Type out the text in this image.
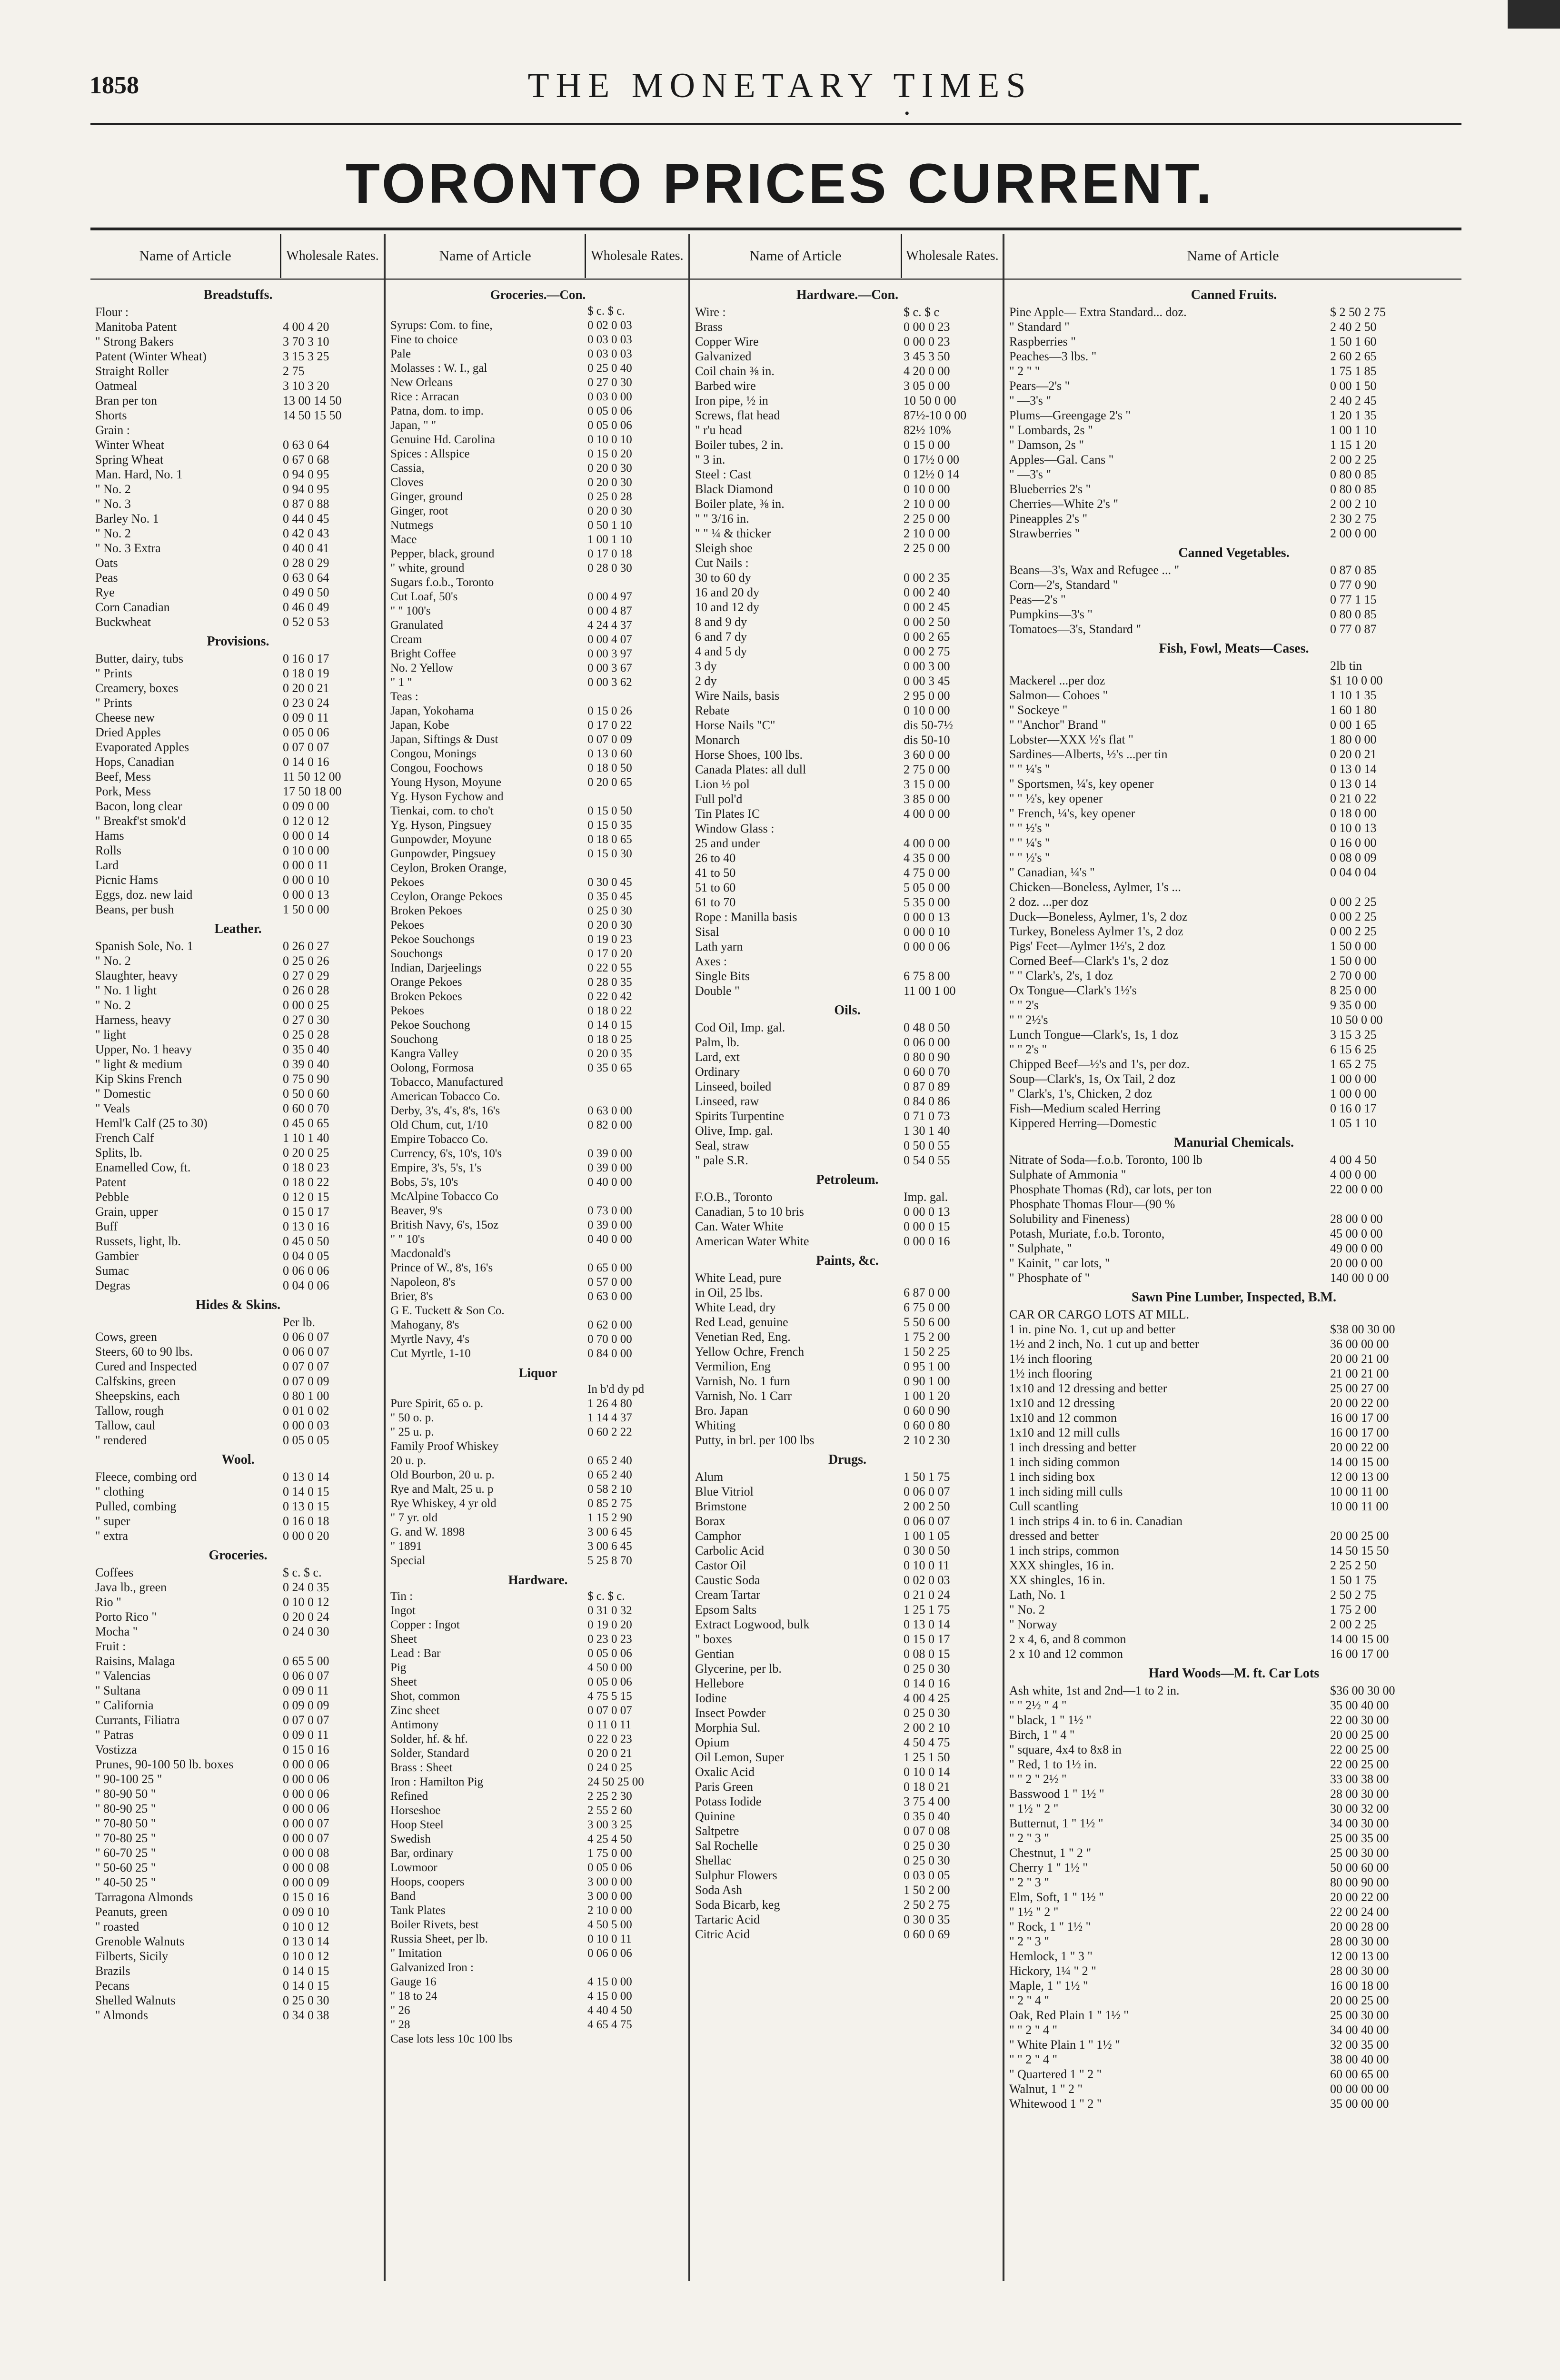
1858	THE MONETARY TIMES
•
TORONTO PRICES CURRENT.
Name of Article	Wholesale Rates.
Breadstuffs.
Flour :
Manitoba Patent	4 00 4 20
" Strong Bakers	3 70 3 10
Patent (Winter Wheat)	3 15 3 25
Straight Roller	2 75
Oatmeal	3 10 3 20
Bran per ton	13 00 14 50
Shorts	14 50 15 50
Grain :
Winter Wheat	0 63 0 64
Spring Wheat	0 67 0 68
Man. Hard, No. 1	0 94 0 95
" No. 2	0 94 0 95
" No. 3	0 87 0 88
Barley No. 1	0 44 0 45
" No. 2	0 42 0 43
" No. 3 Extra	0 40 0 41
Oats	0 28 0 29
Peas	0 63 0 64
Rye	0 49 0 50
Corn Canadian	0 46 0 49
Buckwheat	0 52 0 53
Provisions.
Butter, dairy, tubs	0 16 0 17
" Prints	0 18 0 19
Creamery, boxes	0 20 0 21
" Prints	0 23 0 24
Cheese new	0 09 0 11
Dried Apples	0 05 0 06
Evaporated Apples	0 07 0 07
Hops, Canadian	0 14 0 16
Beef, Mess	11 50 12 00
Pork, Mess	17 50 18 00
Bacon, long clear	0 09 0 00
" Breakf'st smok'd	0 12 0 12
Hams	0 00 0 14
Rolls	0 10 0 00
Lard	0 00 0 11
Picnic Hams	0 00 0 10
Eggs, doz. new laid	0 00 0 13
Beans, per bush	1 50 0 00
Leather.
Spanish Sole, No. 1	0 26 0 27
" No. 2	0 25 0 26
Slaughter, heavy	0 27 0 29
" No. 1 light	0 26 0 28
" No. 2	0 00 0 25
Harness, heavy	0 27 0 30
" light	0 25 0 28
Upper, No. 1 heavy	0 35 0 40
" light & medium	0 39 0 40
Kip Skins French	0 75 0 90
" Domestic	0 50 0 60
" Veals	0 60 0 70
Heml'k Calf (25 to 30)	0 45 0 65
French Calf	1 10 1 40
Splits, lb.	0 20 0 25
Enamelled Cow, ft.	0 18 0 23
Patent	0 18 0 22
Pebble	0 12 0 15
Grain, upper	0 15 0 17
Buff	0 13 0 16
Russets, light, lb.	0 45 0 50
Gambier	0 04 0 05
Sumac	0 06 0 06
Degras	0 04 0 06
Hides & Skins.
Per lb.
Cows, green	0 06 0 07
Steers, 60 to 90 lbs.	0 06 0 07
Cured and Inspected	0 07 0 07
Calfskins, green	0 07 0 09
Sheepskins, each	0 80 1 00
Tallow, rough	0 01 0 02
Tallow, caul	0 00 0 03
" rendered	0 05 0 05
Wool.
Fleece, combing ord	0 13 0 14
" clothing	0 14 0 15
Pulled, combing	0 13 0 15
" super	0 16 0 18
" extra	0 00 0 20
Groceries.
Coffees	$ c. $ c.
Java lb., green	0 24 0 35
Rio "	0 10 0 12
Porto Rico "	0 20 0 24
Mocha "	0 24 0 30
Fruit :
Raisins, Malaga	0 65 5 00
" Valencias	0 06 0 07
" Sultana	0 09 0 11
" California	0 09 0 09
Currants, Filiatra	0 07 0 07
" Patras	0 09 0 11
Vostizza	0 15 0 16
Prunes, 90-100 50 lb. boxes	0 00 0 06
" 90-100 25 "	0 00 0 06
" 80-90 50 "	0 00 0 06
" 80-90 25 "	0 00 0 06
" 70-80 50 "	0 00 0 07
" 70-80 25 "	0 00 0 07
" 60-70 25 "	0 00 0 08
" 50-60 25 "	0 00 0 08
" 40-50 25 "	0 00 0 09
Tarragona Almonds	0 15 0 16
Peanuts, green	0 09 0 10
" roasted	0 10 0 12
Grenoble Walnuts	0 13 0 14
Filberts, Sicily	0 10 0 12
Brazils	0 14 0 15
Pecans	0 14 0 15
Shelled Walnuts	0 25 0 30
" Almonds	0 34 0 38
Name of Article	Wholesale Rates.
Groceries.—Con.
$ c. $ c.
Syrups: Com. to fine,	0 02 0 03
Fine to choice	0 03 0 03
Pale	0 03 0 03
Molasses : W. I., gal	0 25 0 40
New Orleans	0 27 0 30
Rice : Arracan	0 03 0 00
Patna, dom. to imp.	0 05 0 06
Japan, " "	0 05 0 06
Genuine Hd. Carolina	0 10 0 10
Spices : Allspice	0 15 0 20
Cassia,	0 20 0 30
Cloves	0 20 0 30
Ginger, ground	0 25 0 28
Ginger, root	0 20 0 30
Nutmegs	0 50 1 10
Mace	1 00 1 10
Pepper, black, ground	0 17 0 18
" white, ground	0 28 0 30
Sugars f.o.b., Toronto
Cut Loaf, 50's	0 00 4 97
" " 100's	0 00 4 87
Granulated	4 24 4 37
Cream	0 00 4 07
Bright Coffee	0 00 3 97
No. 2 Yellow	0 00 3 67
" 1 "	0 00 3 62
Teas :
Japan, Yokohama	0 15 0 26
Japan, Kobe	0 17 0 22
Japan, Siftings & Dust	0 07 0 09
Congou, Monings	0 13 0 60
Congou, Foochows	0 18 0 50
Young Hyson, Moyune	0 20 0 65
Yg. Hyson Fychow and
Tienkai, com. to cho't	0 15 0 50
Yg. Hyson, Pingsuey	0 15 0 35
Gunpowder, Moyune	0 18 0 65
Gunpowder, Pingsuey	0 15 0 30
Ceylon, Broken Orange,
Pekoes	0 30 0 45
Ceylon, Orange Pekoes	0 35 0 45
Broken Pekoes	0 25 0 30
Pekoes	0 20 0 30
Pekoe Souchongs	0 19 0 23
Souchongs	0 17 0 20
Indian, Darjeelings	0 22 0 55
Orange Pekoes	0 28 0 35
Broken Pekoes	0 22 0 42
Pekoes	0 18 0 22
Pekoe Souchong	0 14 0 15
Souchong	0 18 0 25
Kangra Valley	0 20 0 35
Oolong, Formosa	0 35 0 65
Tobacco, Manufactured
American Tobacco Co.
Derby, 3's, 4's, 8's, 16's	0 63 0 00
Old Chum, cut, 1/10	0 82 0 00
Empire Tobacco Co.
Currency, 6's, 10's, 10's	0 39 0 00
Empire, 3's, 5's, 1's	0 39 0 00
Bobs, 5's, 10's	0 40 0 00
McAlpine Tobacco Co
Beaver, 9's	0 73 0 00
British Navy, 6's, 15oz	0 39 0 00
" " 10's	0 40 0 00
Macdonald's
Prince of W., 8's, 16's	0 65 0 00
Napoleon, 8's	0 57 0 00
Brier, 8's	0 63 0 00
G E. Tuckett & Son Co.
Mahogany, 8's	0 62 0 00
Myrtle Navy, 4's	0 70 0 00
Cut Myrtle, 1-10	0 84 0 00
Liquor
In b'd dy pd
Pure Spirit, 65 o. p.	1 26 4 80
" 50 o. p.	1 14 4 37
" 25 u. p.	0 60 2 22
Family Proof Whiskey
20 u. p.	0 65 2 40
Old Bourbon, 20 u. p.	0 65 2 40
Rye and Malt, 25 u. p	0 58 2 10
Rye Whiskey, 4 yr old	0 85 2 75
" 7 yr. old	1 15 2 90
G. and W. 1898	3 00 6 45
" 1891	3 00 6 45
Special	5 25 8 70
Hardware.
Tin :	$ c. $ c.
Ingot	0 31 0 32
Copper : Ingot	0 19 0 20
Sheet	0 23 0 23
Lead : Bar	0 05 0 06
Pig	4 50 0 00
Sheet	0 05 0 06
Shot, common	4 75 5 15
Zinc sheet	0 07 0 07
Antimony	0 11 0 11
Solder, hf. & hf.	0 22 0 23
Solder, Standard	0 20 0 21
Brass : Sheet	0 24 0 25
Iron : Hamilton Pig	24 50 25 00
Refined	2 25 2 30
Horseshoe	2 55 2 60
Hoop Steel	3 00 3 25
Swedish	4 25 4 50
Bar, ordinary	1 75 0 00
Lowmoor	0 05 0 06
Hoops, coopers	3 00 0 00
Band	3 00 0 00
Tank Plates	2 10 0 00
Boiler Rivets, best	4 50 5 00
Russia Sheet, per lb.	0 10 0 11
" Imitation	0 06 0 06
Galvanized Iron :
Gauge 16	4 15 0 00
" 18 to 24	4 15 0 00
" 26	4 40 4 50
" 28	4 65 4 75
Case lots less 10c 100 lbs
Name of Article	Wholesale Rates.
Hardware.—Con.
Wire :	$ c. $ c
Brass	0 00 0 23
Copper Wire	0 00 0 23
Galvanized	3 45 3 50
Coil chain ⅜ in.	4 20 0 00
Barbed wire	3 05 0 00
Iron pipe, ½ in	10 50 0 00
Screws, flat head	87½-10 0 00
" r'u head	82½ 10%
Boiler tubes, 2 in.	0 15 0 00
" 3 in.	0 17½ 0 00
Steel : Cast	0 12½ 0 14
Black Diamond	0 10 0 00
Boiler plate, ⅜ in.	2 10 0 00
" " 3/16 in.	2 25 0 00
" " ¼ & thicker	2 10 0 00
Sleigh shoe	2 25 0 00
Cut Nails :
30 to 60 dy	0 00 2 35
16 and 20 dy	0 00 2 40
10 and 12 dy	0 00 2 45
8 and 9 dy	0 00 2 50
6 and 7 dy	0 00 2 65
4 and 5 dy	0 00 2 75
3 dy	0 00 3 00
2 dy	0 00 3 45
Wire Nails, basis	2 95 0 00
Rebate	0 10 0 00
Horse Nails "C"	dis 50-7½
Monarch	dis 50-10
Horse Shoes, 100 lbs.	3 60 0 00
Canada Plates: all dull	2 75 0 00
Lion ½ pol	3 15 0 00
Full pol'd	3 85 0 00
Tin Plates IC	4 00 0 00
Window Glass :
25 and under	4 00 0 00
26 to 40	4 35 0 00
41 to 50	4 75 0 00
51 to 60	5 05 0 00
61 to 70	5 35 0 00
Rope : Manilla basis	0 00 0 13
Sisal	0 00 0 10
Lath yarn	0 00 0 06
Axes :
Single Bits	6 75 8 00
Double "	11 00 1 00
Oils.
Cod Oil, Imp. gal.	0 48 0 50
Palm, lb.	0 06 0 00
Lard, ext	0 80 0 90
Ordinary	0 60 0 70
Linseed, boiled	0 87 0 89
Linseed, raw	0 84 0 86
Spirits Turpentine	0 71 0 73
Olive, Imp. gal.	1 30 1 40
Seal, straw	0 50 0 55
" pale S.R.	0 54 0 55
Petroleum.
F.O.B., Toronto	Imp. gal.
Canadian, 5 to 10 bris	0 00 0 13
Can. Water White	0 00 0 15
American Water White	0 00 0 16
Paints, &c.
White Lead, pure
in Oil, 25 lbs.	6 87 0 00
White Lead, dry	6 75 0 00
Red Lead, genuine	5 50 6 00
Venetian Red, Eng.	1 75 2 00
Yellow Ochre, French	1 50 2 25
Vermilion, Eng	0 95 1 00
Varnish, No. 1 furn	0 90 1 00
Varnish, No. 1 Carr	1 00 1 20
Bro. Japan	0 60 0 90
Whiting	0 60 0 80
Putty, in brl. per 100 lbs	2 10 2 30
Drugs.
Alum	1 50 1 75
Blue Vitriol	0 06 0 07
Brimstone	2 00 2 50
Borax	0 06 0 07
Camphor	1 00 1 05
Carbolic Acid	0 30 0 50
Castor Oil	0 10 0 11
Caustic Soda	0 02 0 03
Cream Tartar	0 21 0 24
Epsom Salts	1 25 1 75
Extract Logwood, bulk	0 13 0 14
" boxes	0 15 0 17
Gentian	0 08 0 15
Glycerine, per lb.	0 25 0 30
Hellebore	0 14 0 16
Iodine	4 00 4 25
Insect Powder	0 25 0 30
Morphia Sul.	2 00 2 10
Opium	4 50 4 75
Oil Lemon, Super	1 25 1 50
Oxalic Acid	0 10 0 14
Paris Green	0 18 0 21
Potass Iodide	3 75 4 00
Quinine	0 35 0 40
Saltpetre	0 07 0 08
Sal Rochelle	0 25 0 30
Shellac	0 25 0 30
Sulphur Flowers	0 03 0 05
Soda Ash	1 50 2 00
Soda Bicarb, keg	2 50 2 75
Tartaric Acid	0 30 0 35
Citric Acid	0 60 0 69
Name of Article
Canned Fruits.
Pine Apple— Extra Standard... doz.	$ 2 50 2 75
" Standard "	2 40 2 50
Raspberries "	1 50 1 60
Peaches—3 lbs. "	2 60 2 65
" 2 " "	1 75 1 85
Pears—2's "	0 00 1 50
" —3's "	2 40 2 45
Plums—Greengage 2's "	1 20 1 35
" Lombards, 2s "	1 00 1 10
" Damson, 2s "	1 15 1 20
Apples—Gal. Cans "	2 00 2 25
" —3's "	0 80 0 85
Blueberries 2's "	0 80 0 85
Cherries—White 2's "	2 00 2 10
Pineapples 2's "	2 30 2 75
Strawberries "	2 00 0 00
Canned Vegetables.
Beans—3's, Wax and Refugee ... "	0 87 0 85
Corn—2's, Standard "	0 77 0 90
Peas—2's "	0 77 1 15
Pumpkins—3's "	0 80 0 85
Tomatoes—3's, Standard "	0 77 0 87
Fish, Fowl, Meats—Cases.
2lb tin
Mackerel ...per doz	$1 10 0 00
Salmon— Cohoes "	1 10 1 35
" Sockeye "	1 60 1 80
" "Anchor" Brand "	0 00 1 65
Lobster—XXX ½'s flat "	1 80 0 00
Sardines—Alberts, ½'s ...per tin	0 20 0 21
" " ¼'s "	0 13 0 14
" Sportsmen, ¼'s, key opener	0 13 0 14
" " ½'s, key opener	0 21 0 22
" French, ¼'s, key opener	0 18 0 00
" " ½'s "	0 10 0 13
" " ¼'s "	0 16 0 00
" " ½'s "	0 08 0 09
" Canadian, ¼'s "	0 04 0 04
Chicken—Boneless, Aylmer, 1's ...
2 doz. ...per doz	0 00 2 25
Duck—Boneless, Aylmer, 1's, 2 doz	0 00 2 25
Turkey, Boneless Aylmer 1's, 2 doz	0 00 2 25
Pigs' Feet—Aylmer 1½'s, 2 doz	1 50 0 00
Corned Beef—Clark's 1's, 2 doz	1 50 0 00
" " Clark's, 2's, 1 doz	2 70 0 00
Ox Tongue—Clark's 1½'s	8 25 0 00
" " 2's	9 35 0 00
" " 2½'s	10 50 0 00
Lunch Tongue—Clark's, 1s, 1 doz	3 15 3 25
" " 2's "	6 15 6 25
Chipped Beef—½'s and 1's, per doz.	1 65 2 75
Soup—Clark's, 1s, Ox Tail, 2 doz	1 00 0 00
" Clark's, 1's, Chicken, 2 doz	1 00 0 00
Fish—Medium scaled Herring	0 16 0 17
Kippered Herring—Domestic	1 05 1 10
Manurial Chemicals.
Nitrate of Soda—f.o.b. Toronto, 100 lb	4 00 4 50
Sulphate of Ammonia "	4 00 0 00
Phosphate Thomas (Rd), car lots, per ton	22 00 0 00
Phosphate Thomas Flour—(90 %
Solubility and Fineness)	28 00 0 00
Potash, Muriate, f.o.b. Toronto,	45 00 0 00
" Sulphate, "	49 00 0 00
" Kainit, " car lots, "	20 00 0 00
" Phosphate of "	140 00 0 00
Sawn Pine Lumber, Inspected, B.M.
CAR OR CARGO LOTS AT MILL.
1 in. pine No. 1, cut up and better	$38 00 30 00
1½ and 2 inch, No. 1 cut up and better	36 00 00 00
1½ inch flooring	20 00 21 00
1½ inch flooring	21 00 21 00
1x10 and 12 dressing and better	25 00 27 00
1x10 and 12 dressing	20 00 22 00
1x10 and 12 common	16 00 17 00
1x10 and 12 mill culls	16 00 17 00
1 inch dressing and better	20 00 22 00
1 inch siding common	14 00 15 00
1 inch siding box	12 00 13 00
1 inch siding mill culls	10 00 11 00
Cull scantling	10 00 11 00
1 inch strips 4 in. to 6 in. Canadian
dressed and better	20 00 25 00
1 inch strips, common	14 50 15 50
XXX shingles, 16 in.	2 25 2 50
XX shingles, 16 in.	1 50 1 75
Lath, No. 1	2 50 2 75
" No. 2	1 75 2 00
" Norway	2 00 2 25
2 x 4, 6, and 8 common	14 00 15 00
2 x 10 and 12 common	16 00 17 00
Hard Woods—M. ft. Car Lots
Ash white, 1st and 2nd—1 to 2 in.	$36 00 30 00
" " 2½ " 4 "	35 00 40 00
" black, 1 " 1½ "	22 00 30 00
Birch, 1 " 4 "	20 00 25 00
" square, 4x4 to 8x8 in	22 00 25 00
" Red, 1 to 1½ in.	22 00 25 00
" " 2 " 2½ "	33 00 38 00
Basswood 1 " 1½ "	28 00 30 00
" 1½ " 2 "	30 00 32 00
Butternut, 1 " 1½ "	34 00 30 00
" 2 " 3 "	25 00 35 00
Chestnut, 1 " 2 "	25 00 30 00
Cherry 1 " 1½ "	50 00 60 00
" 2 " 3 "	80 00 90 00
Elm, Soft, 1 " 1½ "	20 00 22 00
" 1½ " 2 "	22 00 24 00
" Rock, 1 " 1½ "	20 00 28 00
" 2 " 3 "	28 00 30 00
Hemlock, 1 " 3 "	12 00 13 00
Hickory, 1¼ " 2 "	28 00 30 00
Maple, 1 " 1½ "	16 00 18 00
" 2 " 4 "	20 00 25 00
Oak, Red Plain 1 " 1½ "	25 00 30 00
" " 2 " 4 "	34 00 40 00
" White Plain 1 " 1½ "	32 00 35 00
" " 2 " 4 "	38 00 40 00
" Quartered 1 " 2 "	60 00 65 00
Walnut, 1 " 2 "	00 00 00 00
Whitewood 1 " 2 "	35 00 00 00
